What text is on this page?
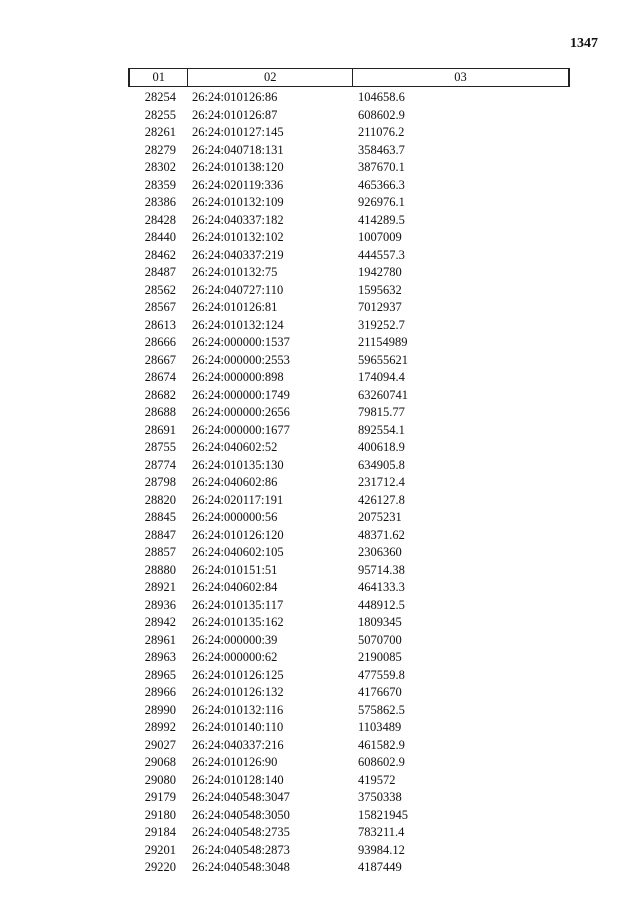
1347
01	02	03
28254	26:24:010126:86	104658.6
28255	26:24:010126:87	608602.9
28261	26:24:010127:145	211076.2
28279	26:24:040718:131	358463.7
28302	26:24:010138:120	387670.1
28359	26:24:020119:336	465366.3
28386	26:24:010132:109	926976.1
28428	26:24:040337:182	414289.5
28440	26:24:010132:102	1007009
28462	26:24:040337:219	444557.3
28487	26:24:010132:75	1942780
28562	26:24:040727:110	1595632
28567	26:24:010126:81	7012937
28613	26:24:010132:124	319252.7
28666	26:24:000000:1537	21154989
28667	26:24:000000:2553	59655621
28674	26:24:000000:898	174094.4
28682	26:24:000000:1749	63260741
28688	26:24:000000:2656	79815.77
28691	26:24:000000:1677	892554.1
28755	26:24:040602:52	400618.9
28774	26:24:010135:130	634905.8
28798	26:24:040602:86	231712.4
28820	26:24:020117:191	426127.8
28845	26:24:000000:56	2075231
28847	26:24:010126:120	48371.62
28857	26:24:040602:105	2306360
28880	26:24:010151:51	95714.38
28921	26:24:040602:84	464133.3
28936	26:24:010135:117	448912.5
28942	26:24:010135:162	1809345
28961	26:24:000000:39	5070700
28963	26:24:000000:62	2190085
28965	26:24:010126:125	477559.8
28966	26:24:010126:132	4176670
28990	26:24:010132:116	575862.5
28992	26:24:010140:110	1103489
29027	26:24:040337:216	461582.9
29068	26:24:010126:90	608602.9
29080	26:24:010128:140	419572
29179	26:24:040548:3047	3750338
29180	26:24:040548:3050	15821945
29184	26:24:040548:2735	783211.4
29201	26:24:040548:2873	93984.12
29220	26:24:040548:3048	4187449
